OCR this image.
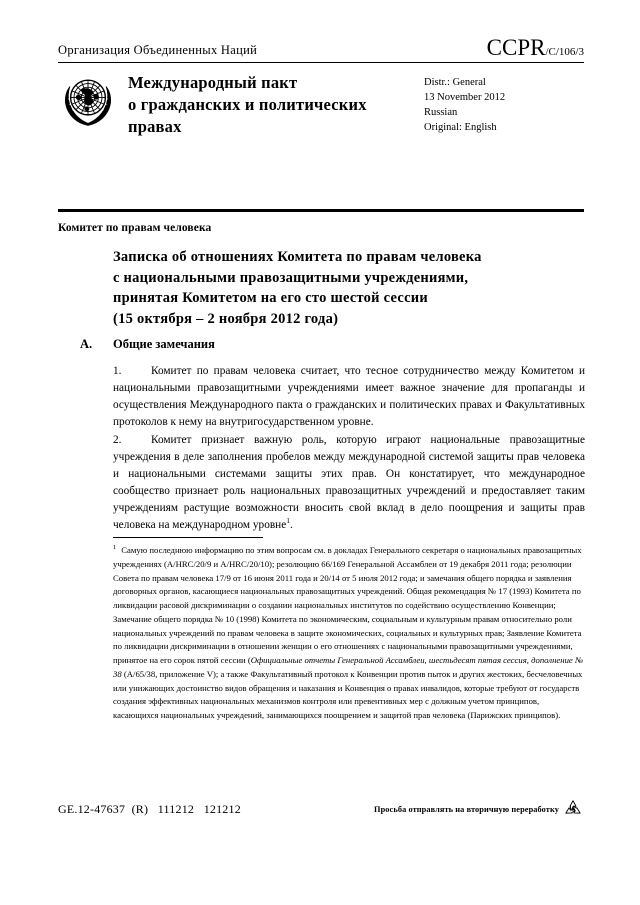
Организация Объединенных Наций	CCPR/C/106/3
Международный пакт
о гражданских и политических
правах
Distr.: General
13 November 2012
Russian
Original: English
Комитет по правам человека
Записка об отношениях Комитета по правам человека
с национальными правозащитными учреждениями,
принятая Комитетом на его сто шестой сессии
(15 октября – 2 ноября 2012 года)
A. Общие замечания
1.	Комитет по правам человека считает, что тесное сотрудничество между Комитетом и национальными правозащитными учреждениями имеет важное значение для пропаганды и осуществления Международного пакта о гражданских и политических правах и Факультативных протоколов к нему на внутригосударственном уровне.
2.	Комитет признает важную роль, которую играют национальные правозащитные учреждения в деле заполнения пробелов между международной системой защиты прав человека и национальными системами защиты этих прав. Он констатирует, что международное сообщество признает роль национальных правозащитных учреждений и предоставляет таким учреждениям растущие возможности вносить свой вклад в дело поощрения и защиты прав человека на международном уровне$^1$.
$^1$ Самую последнюю информацию по этим вопросам см. в докладах Генерального секретаря о национальных правозащитных учреждениях (A/HRC/20/9 и A/HRC/20/10); резолюцию 66/169 Генеральной Ассамблеи от 19 декабря 2011 года; резолюции Совета по правам человека 17/9 от 16 июня 2011 года и 20/14 от 5 июля 2012 года; и замечания общего порядка и заявления договорных органов, касающиеся национальных правозащитных учреждений. Общая рекомендация № 17 (1993) Комитета по ликвидации расовой дискриминации о создании национальных институтов по содействию осуществлению Конвенции; Замечание общего порядка № 10 (1998) Комитета по экономическим, социальным и культурным правам относительно роли национальных учреждений по правам человека в защите экономических, социальных и культурных прав; Заявление Комитета по ликвидации дискриминации в отношении женщин о его отношениях с национальными правозащитными учреждениями, принятое на его сорок пятой сессии (Официальные отчеты Генеральной Ассамблеи, шестьдесят пятая сессия, дополнение № 38 (A/65/38, приложение V); а также Факультативный протокол к Конвенции против пыток и других жестоких, бесчеловечных или унижающих достоинство видов обращения и наказания и Конвенция о правах инвалидов, которые требуют от государств создания эффективных национальных механизмов контроля или превентивных мер с должным учетом принципов, касающихся национальных учреждений, занимающихся поощрением и защитой прав человека (Парижских принципов).
GE.12-47637  (R)   111212   121212	Просьба отправлять на вторичную переработку
